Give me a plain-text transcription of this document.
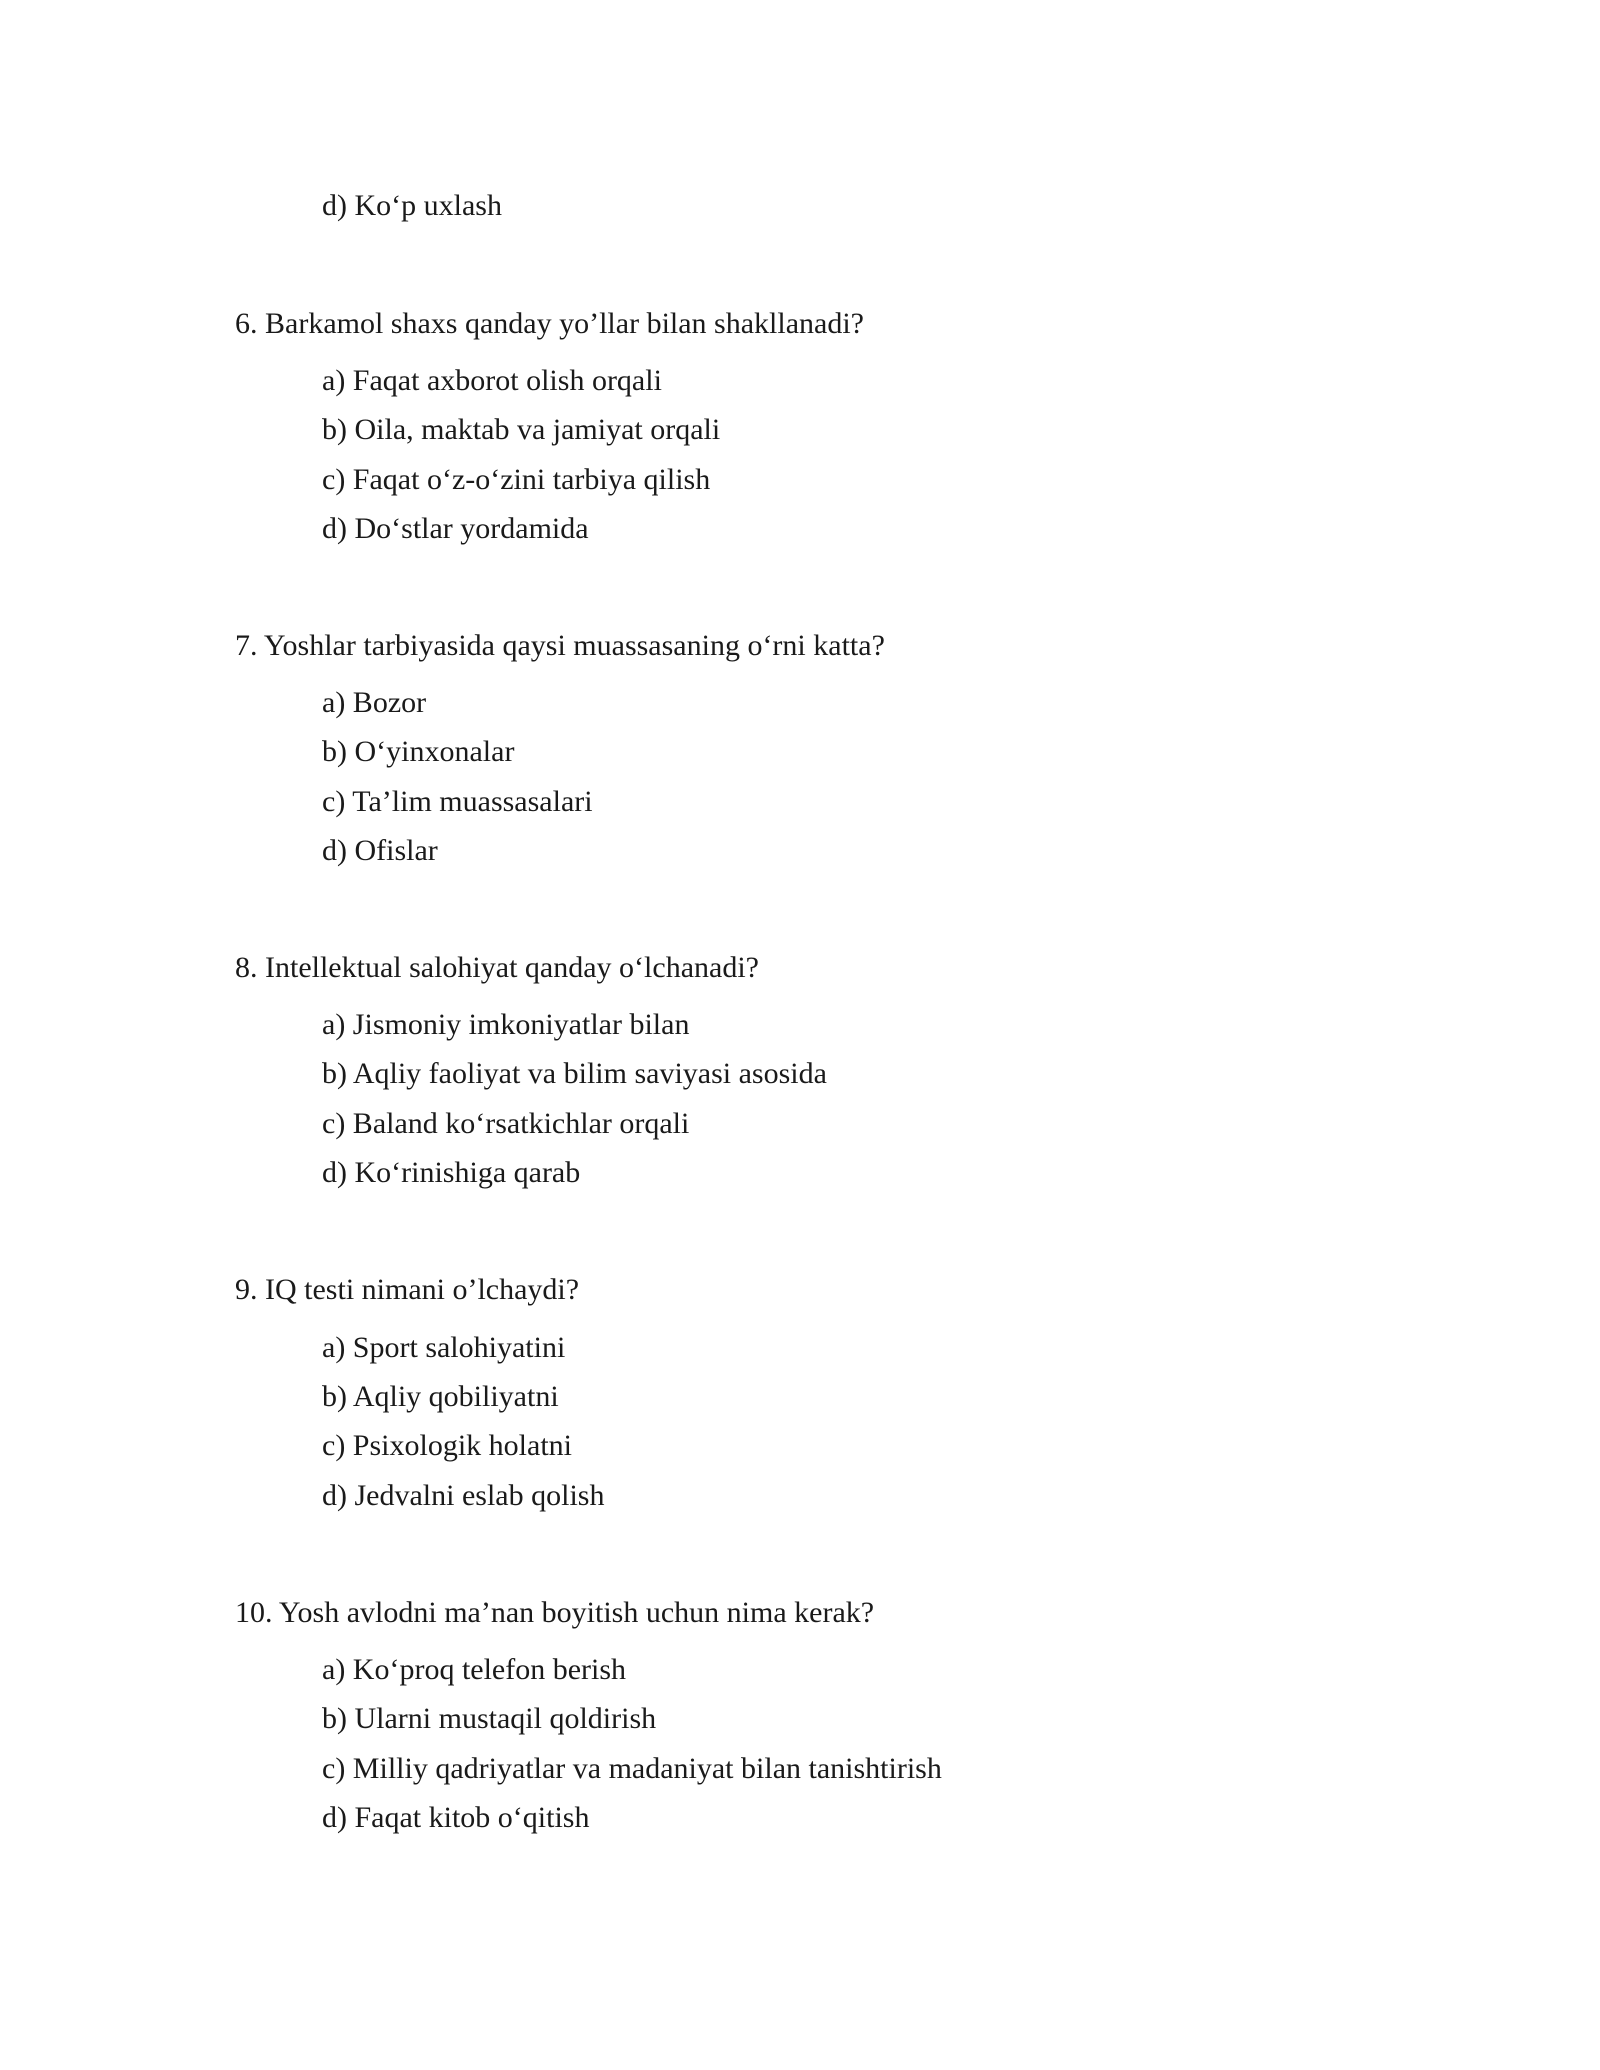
d) Ko‘p uxlash
6. Barkamol shaxs qanday yo’llar bilan shakllanadi?
a) Faqat axborot olish orqali
b) Oila, maktab va jamiyat orqali
c) Faqat o‘z-o‘zini tarbiya qilish
d) Do‘stlar yordamida
7. Yoshlar tarbiyasida qaysi muassasaning o‘rni katta?
a) Bozor
b) O‘yinxonalar
c) Ta’lim muassasalari
d) Ofislar
8. Intellektual salohiyat qanday o‘lchanadi?
a) Jismoniy imkoniyatlar bilan
b) Aqliy faoliyat va bilim saviyasi asosida
c) Baland ko‘rsatkichlar orqali
d) Ko‘rinishiga qarab
9. IQ testi nimani o’lchaydi?
a) Sport salohiyatini
b) Aqliy qobiliyatni
c) Psixologik holatni
d) Jedvalni eslab qolish
10. Yosh avlodni ma’nan boyitish uchun nima kerak?
a) Ko‘proq telefon berish
b) Ularni mustaqil qoldirish
c) Milliy qadriyatlar va madaniyat bilan tanishtirish
d) Faqat kitob o‘qitish
